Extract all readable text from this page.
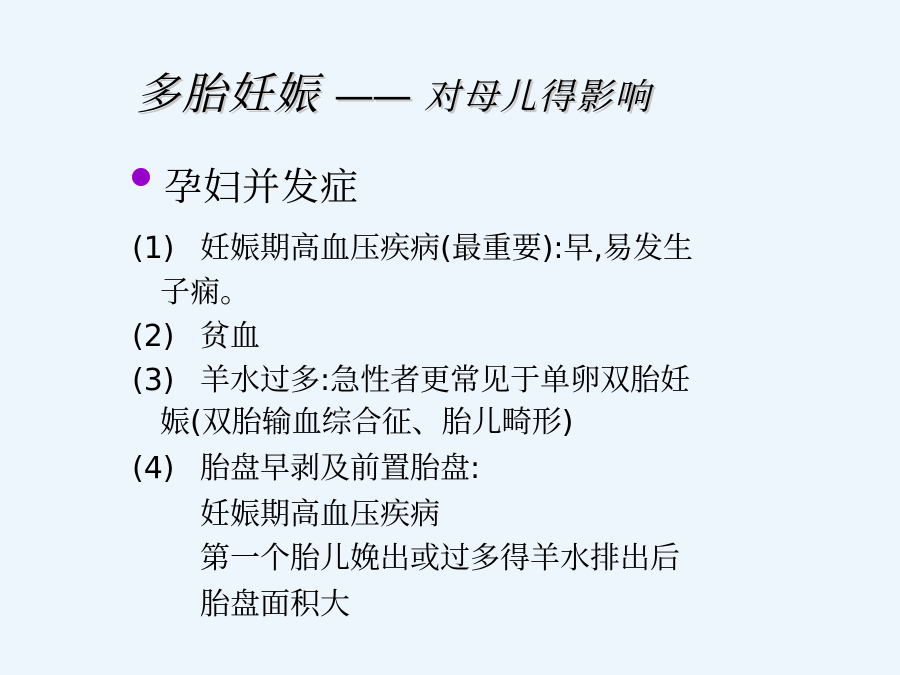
多胎妊娠 —— 对母儿得影响
孕妇并发症
(1) 妊娠期高血压疾病(最重要):早,易发生
子痫。
(2) 贫血
(3) 羊水过多:急性者更常见于单卵双胎妊
娠(双胎输血综合征、胎儿畸形)
(4) 胎盘早剥及前置胎盘:
妊娠期高血压疾病
第一个胎儿娩出或过多得羊水排出后
胎盘面积大
